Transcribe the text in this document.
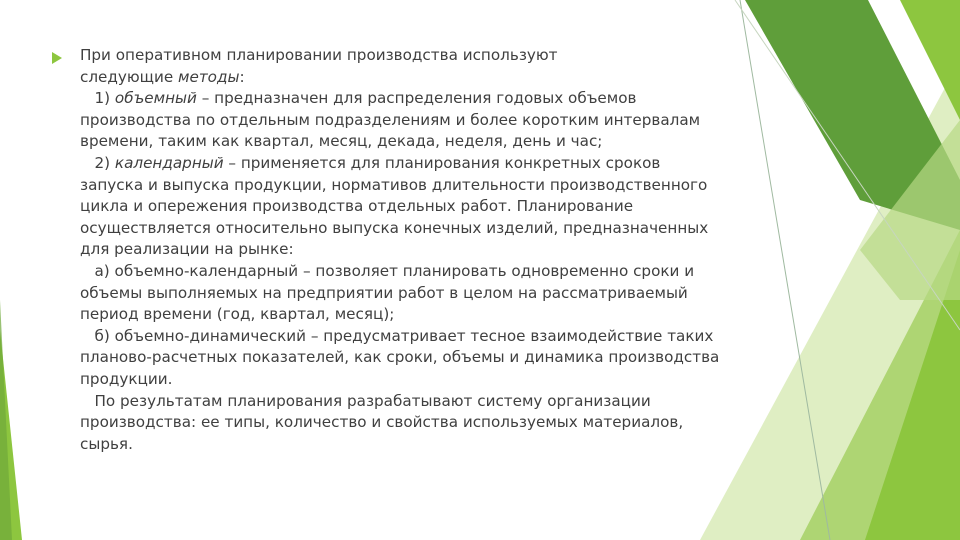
При оперативном планировании производства используют
следующие методы:
1) объемный – предназначен для распределения годовых объемов
производства по отдельным подразделениям и более коротким интервалам
времени, таким как квартал, месяц, декада, неделя, день и час;
2) календарный – применяется для планирования конкретных сроков
запуска и выпуска продукции, нормативов длительности производственного
цикла и опережения производства отдельных работ. Планирование
осуществляется относительно выпуска конечных изделий, предназначенных
для реализации на рынке:
а) объемно-календарный – позволяет планировать одновременно сроки и
объемы выполняемых на предприятии работ в целом на рассматриваемый
период времени (год, квартал, месяц);
б) объемно-динамический – предусматривает тесное взаимодействие таких
планово-расчетных показателей, как сроки, объемы и динамика производства
продукции.
По результатам планирования разрабатывают систему организации
производства: ее типы, количество и свойства используемых материалов,
сырья.
